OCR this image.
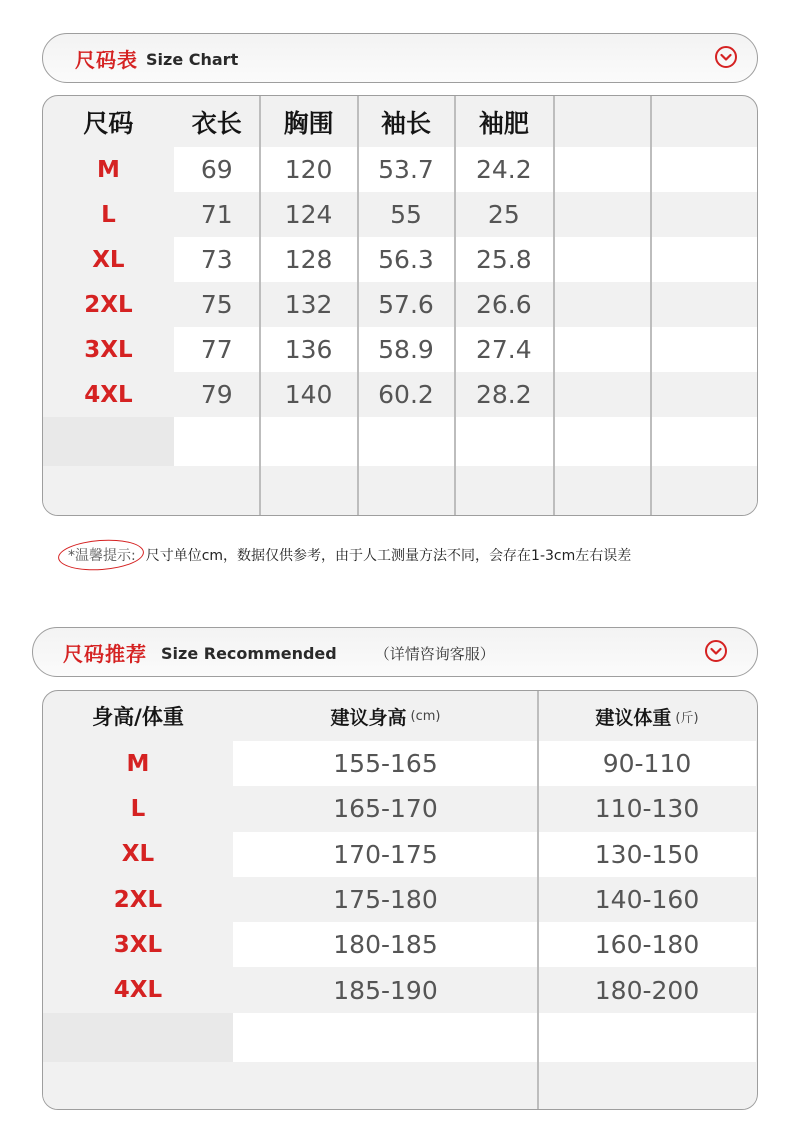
尺码表 Size Chart
尺码	衣长	胸围	袖长	袖肥
M	69	120	53.7	24.2
L	71	124	55	25
XL	73	128	56.3	25.8
2XL	75	132	57.6	26.6
3XL	77	136	58.9	27.4
4XL	79	140	60.2	28.2
*温馨提示: 尺寸单位cm，数据仅供参考，由于人工测量方法不同，会存在1-3cm左右误差
尺码推荐 Size Recommended	（详情咨询客服）
身高/体重	建议身高 (cm)	建议体重 (斤)
M	155-165	90-110
L	165-170	110-130
XL	170-175	130-150
2XL	175-180	140-160
3XL	180-185	160-180
4XL	185-190	180-200
